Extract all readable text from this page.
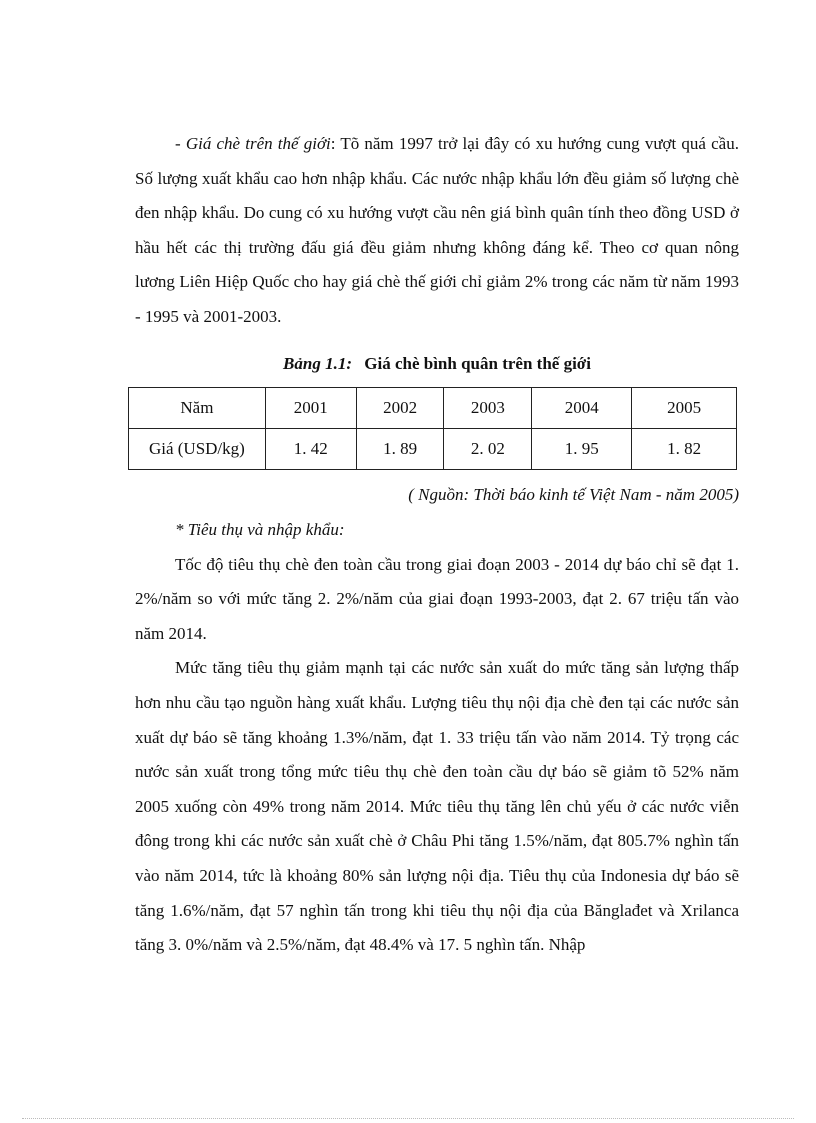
- Giá chè trên thế giới: Tõ năm 1997 trở lại đây có xu hướng cung vượt quá cầu. Số lượng xuất khẩu cao hơn nhập khẩu. Các nước nhập khẩu lớn đều giảm số lượng chè đen nhập khẩu. Do cung có xu hướng vượt cầu nên giá bình quân tính theo đồng USD ở hầu hết các thị trường đấu giá đều giảm nhưng không đáng kể. Theo cơ quan nông lương Liên Hiệp Quốc cho hay giá chè thế giới chỉ giảm 2% trong các năm từ năm 1993 - 1995 và 2001-2003.

Bảng 1.1: Giá chè bình quân trên thế giới

Năm	2001	2002	2003	2004	2005
Giá (USD/kg)	1. 42	1. 89	2. 02	1. 95	1. 82

( Nguồn: Thời báo kinh tế Việt Nam - năm 2005)

* Tiêu thụ và nhập khẩu:

Tốc độ tiêu thụ chè đen toàn cầu trong giai đoạn 2003 - 2014 dự báo chỉ sẽ đạt 1. 2%/năm so với mức tăng 2. 2%/năm của giai đoạn 1993-2003, đạt 2. 67 triệu tấn vào năm 2014.

Mức tăng tiêu thụ giảm mạnh tại các nước sản xuất do mức tăng sản lượng thấp hơn nhu cầu tạo nguồn hàng xuất khẩu. Lượng tiêu thụ nội địa chè đen tại các nước sản xuất dự báo sẽ tăng khoảng 1.3%/năm, đạt 1. 33 triệu tấn vào năm 2014. Tỷ trọng các nước sản xuất trong tổng mức tiêu thụ chè đen toàn cầu dự báo sẽ giảm tõ 52% năm 2005 xuống còn 49% trong năm 2014. Mức tiêu thụ tăng lên chủ yếu ở các nước viễn đông trong khi các nước sản xuất chè ở Châu Phi tăng 1.5%/năm, đạt 805.7% nghìn tấn vào năm 2014, tức là khoảng 80% sản lượng nội địa. Tiêu thụ của Indonesia dự báo sẽ tăng 1.6%/năm, đạt 57 nghìn tấn trong khi tiêu thụ nội địa của Bănglađet và Xrilanca tăng 3. 0%/năm và 2.5%/năm, đạt 48.4% và 17. 5 nghìn tấn. Nhập
